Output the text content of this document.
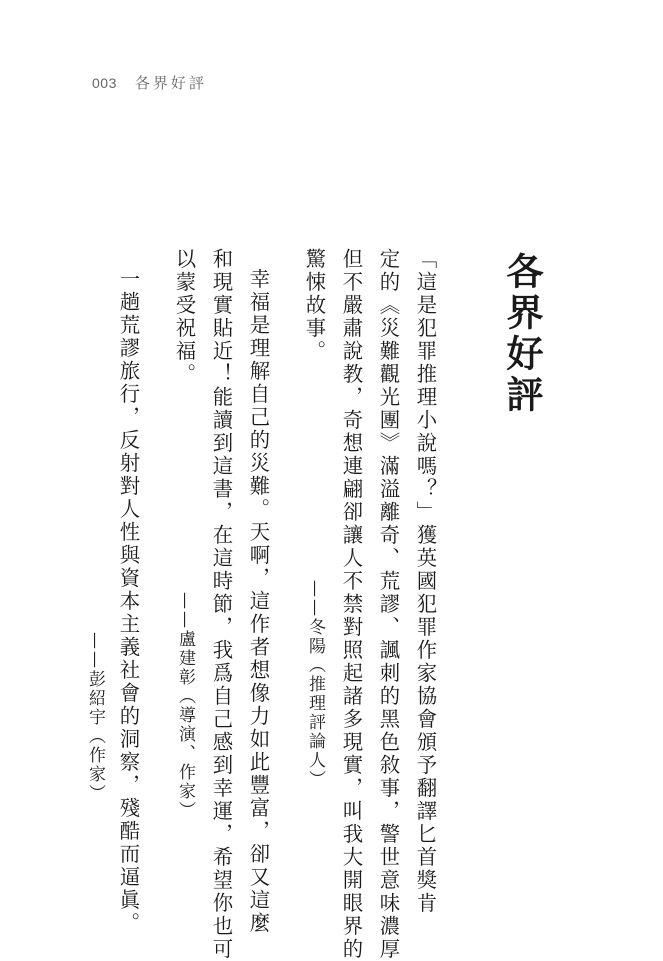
003 各界好評
各界好評
「這是犯罪推理小說嗎？」獲英國犯罪作家協會頒予翻譯匕首獎肯
定的《災難觀光團》滿溢離奇、荒謬、諷刺的黑色敘事，警世意味濃厚
但不嚴肅說教，奇想連翩卻讓人不禁對照起諸多現實，叫我大開眼界的
驚悚故事。
——冬陽（推理評論人）
幸福是理解自己的災難。天啊，這作者想像力如此豐富，卻又這麼
和現實貼近！能讀到這書，在這時節，我爲自己感到幸運，希望你也可
以蒙受祝福。
——盧建彰（導演、作家）
一趟荒謬旅行，反射對人性與資本主義社會的洞察，殘酷而逼眞。
——彭紹宇（作家）
